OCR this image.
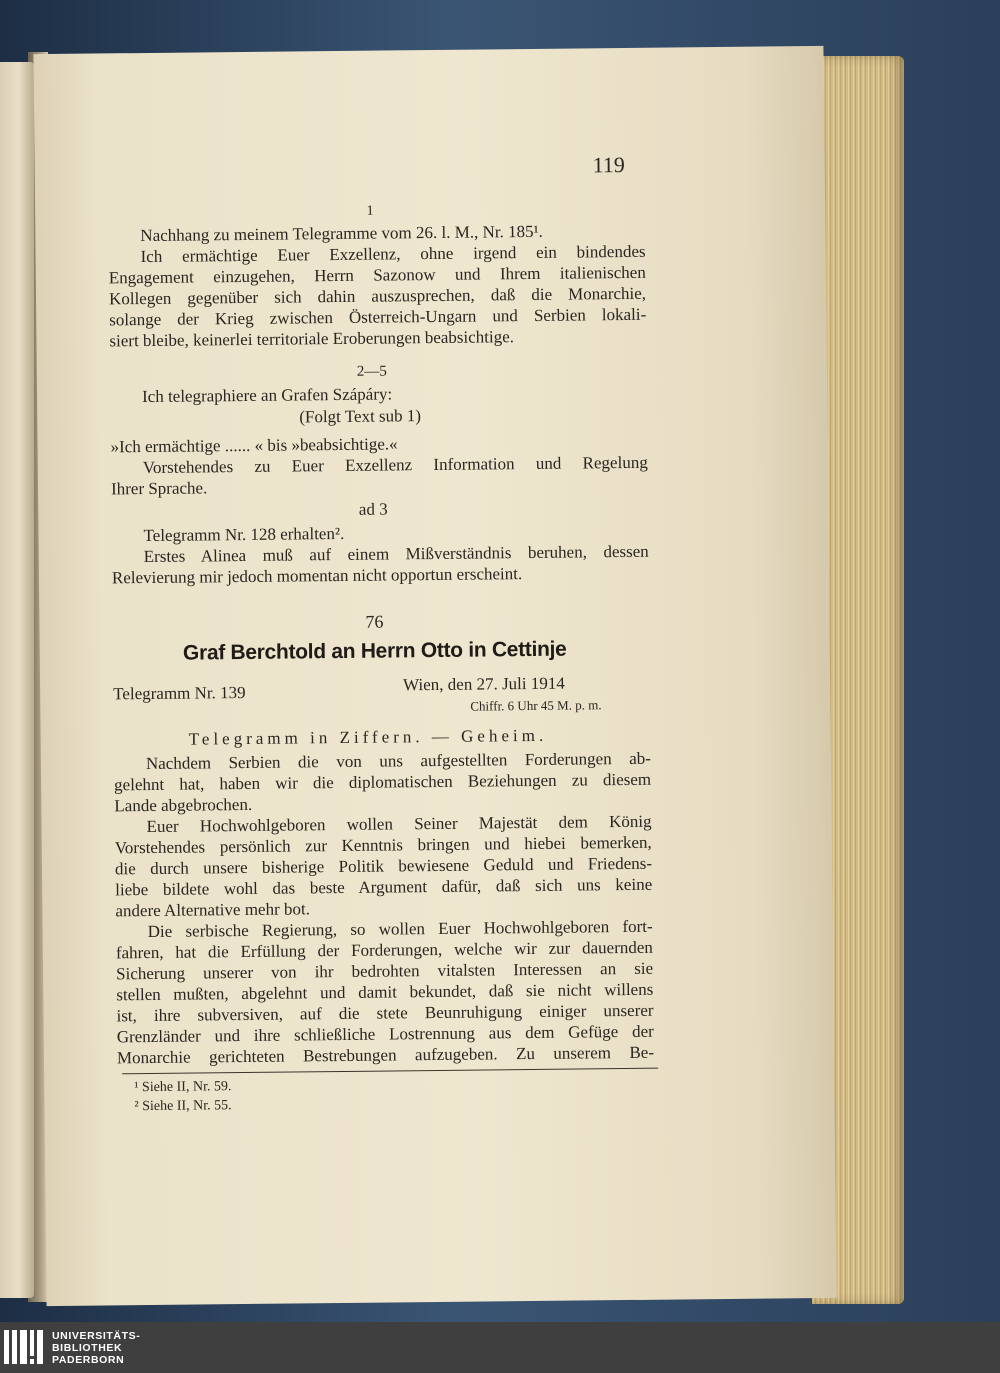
119
1
Nachhang zu meinem Telegramme vom 26. l. M., Nr. 185¹.
Ich ermächtige Euer Exzellenz, ohne irgend ein bindendes
Engagement einzugehen, Herrn Sazonow und Ihrem italienischen
Kollegen gegenüber sich dahin auszusprechen, daß die Monarchie,
solange der Krieg zwischen Österreich-Ungarn und Serbien lokali-
siert bleibe, keinerlei territoriale Eroberungen beabsichtige.
2—5
Ich telegraphiere an Grafen Szápáry:
(Folgt Text sub 1)
»Ich ermächtige ...... « bis »beabsichtige.«
Vorstehendes zu Euer Exzellenz Information und Regelung
Ihrer Sprache.
ad 3
Telegramm Nr. 128 erhalten².
Erstes Alinea muß auf einem Mißverständnis beruhen, dessen
Relevierung mir jedoch momentan nicht opportun erscheint.
76
Graf Berchtold an Herrn Otto in Cettinje
Telegramm Nr. 139	Wien, den 27. Juli 1914
Chiffr. 6 Uhr 45 M. p. m.
Telegramm in Ziffern. — Geheim.
Nachdem Serbien die von uns aufgestellten Forderungen ab-
gelehnt hat, haben wir die diplomatischen Beziehungen zu diesem
Lande abgebrochen.
Euer Hochwohlgeboren wollen Seiner Majestät dem König
Vorstehendes persönlich zur Kenntnis bringen und hiebei bemerken,
die durch unsere bisherige Politik bewiesene Geduld und Friedens-
liebe bildete wohl das beste Argument dafür, daß sich uns keine
andere Alternative mehr bot.
Die serbische Regierung, so wollen Euer Hochwohlgeboren fort-
fahren, hat die Erfüllung der Forderungen, welche wir zur dauernden
Sicherung unserer von ihr bedrohten vitalsten Interessen an sie
stellen mußten, abgelehnt und damit bekundet, daß sie nicht willens
ist, ihre subversiven, auf die stete Beunruhigung einiger unserer
Grenzländer und ihre schließliche Lostrennung aus dem Gefüge der
Monarchie gerichteten Bestrebungen aufzugeben. Zu unserem Be-
¹ Siehe II, Nr. 59.
² Siehe II, Nr. 55.
UNIVERSITÄTS-
BIBLIOTHEK
PADERBORN
